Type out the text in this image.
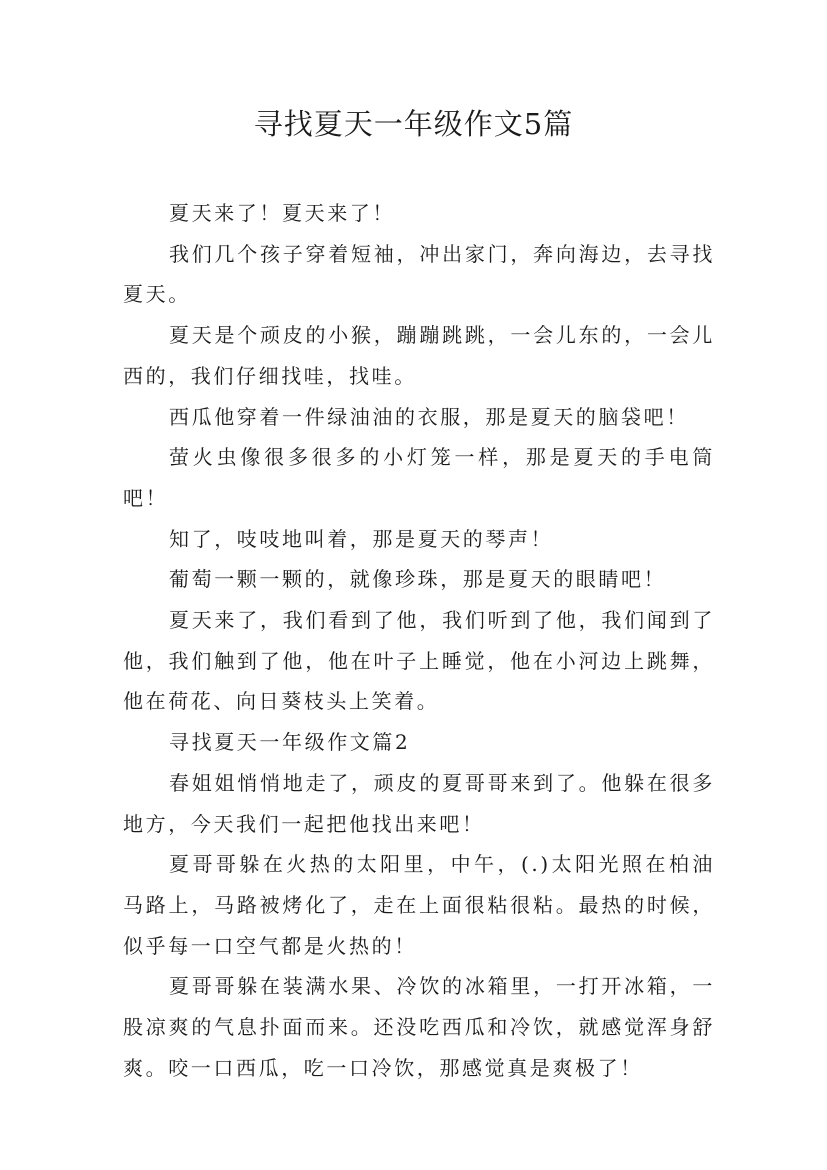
寻找夏天一年级作文5篇

夏天来了！夏天来了！

我们几个孩子穿着短袖，冲出家门，奔向海边，去寻找夏天。

夏天是个顽皮的小猴，蹦蹦跳跳，一会儿东的，一会儿西的，我们仔细找哇，找哇。

西瓜他穿着一件绿油油的衣服，那是夏天的脑袋吧！

萤火虫像很多很多的小灯笼一样，那是夏天的手电筒吧！

知了，吱吱地叫着，那是夏天的琴声！

葡萄一颗一颗的，就像珍珠，那是夏天的眼睛吧！

夏天来了，我们看到了他，我们听到了他，我们闻到了他，我们触到了他，他在叶子上睡觉，他在小河边上跳舞，他在荷花、向日葵枝头上笑着。

寻找夏天一年级作文篇2

春姐姐悄悄地走了，顽皮的夏哥哥来到了。他躲在很多地方，今天我们一起把他找出来吧！

夏哥哥躲在火热的太阳里，中午，(.)太阳光照在柏油马路上，马路被烤化了，走在上面很粘很粘。最热的时候，似乎每一口空气都是火热的！

夏哥哥躲在装满水果、冷饮的冰箱里，一打开冰箱，一股凉爽的气息扑面而来。还没吃西瓜和冷饮，就感觉浑身舒爽。咬一口西瓜，吃一口冷饮，那感觉真是爽极了！
